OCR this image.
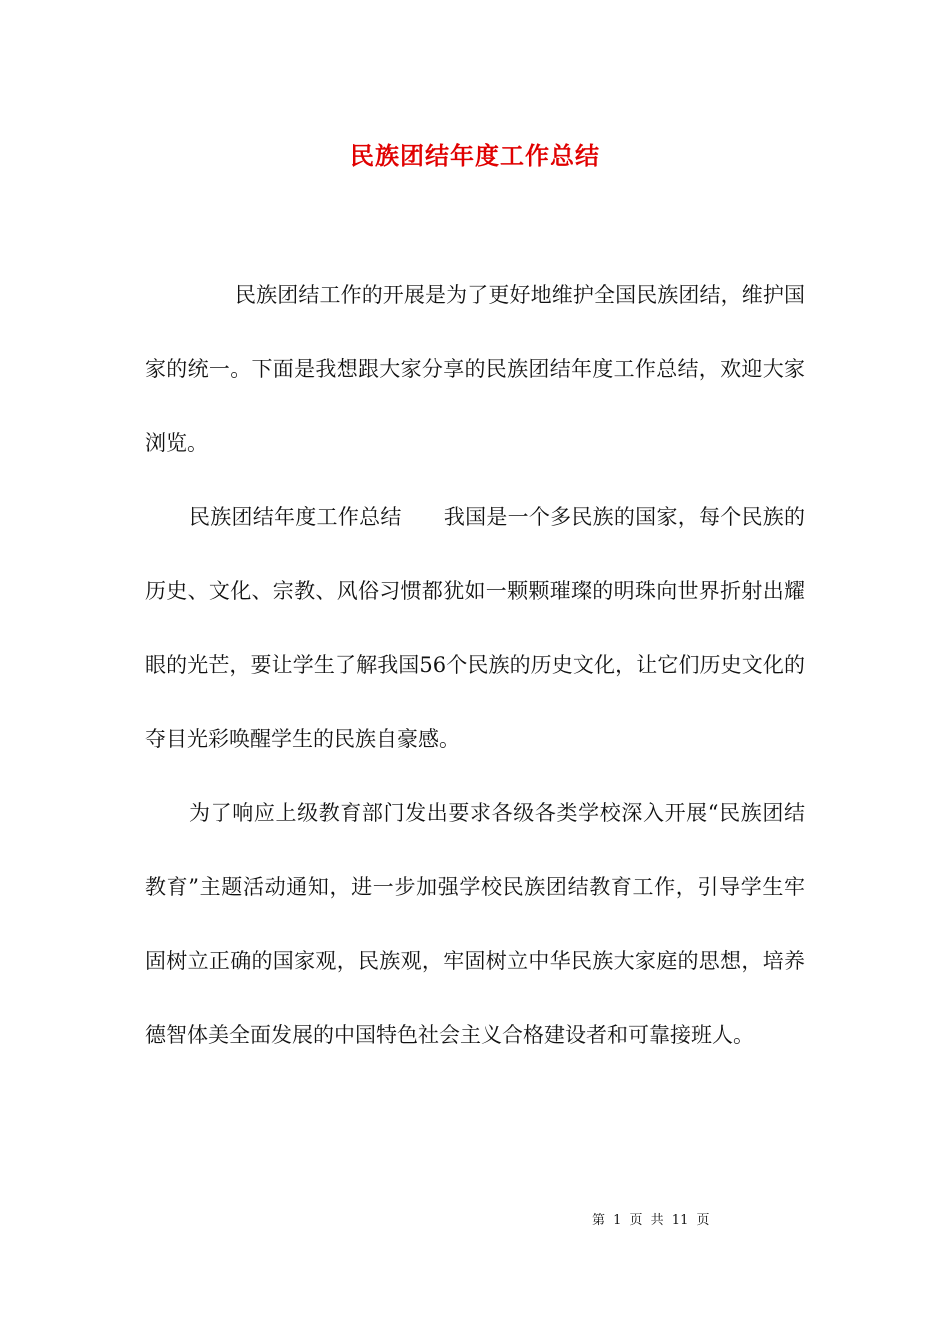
民族团结年度工作总结

民族团结工作的开展是为了更好地维护全国民族团结，维护国家的统一。下面是我想跟大家分享的民族团结年度工作总结，欢迎大家浏览。

民族团结年度工作总结 我国是一个多民族的国家，每个民族的历史、文化、宗教、风俗习惯都犹如一颗颗璀璨的明珠向世界折射出耀眼的光芒，要让学生了解我国56个民族的历史文化，让它们历史文化的夺目光彩唤醒学生的民族自豪感。

为了响应上级教育部门发出要求各级各类学校深入开展“民族团结教育”主题活动通知，进一步加强学校民族团结教育工作，引导学生牢固树立正确的国家观，民族观，牢固树立中华民族大家庭的思想，培养德智体美全面发展的中国特色社会主义合格建设者和可靠接班人。

第 1 页 共 11 页
